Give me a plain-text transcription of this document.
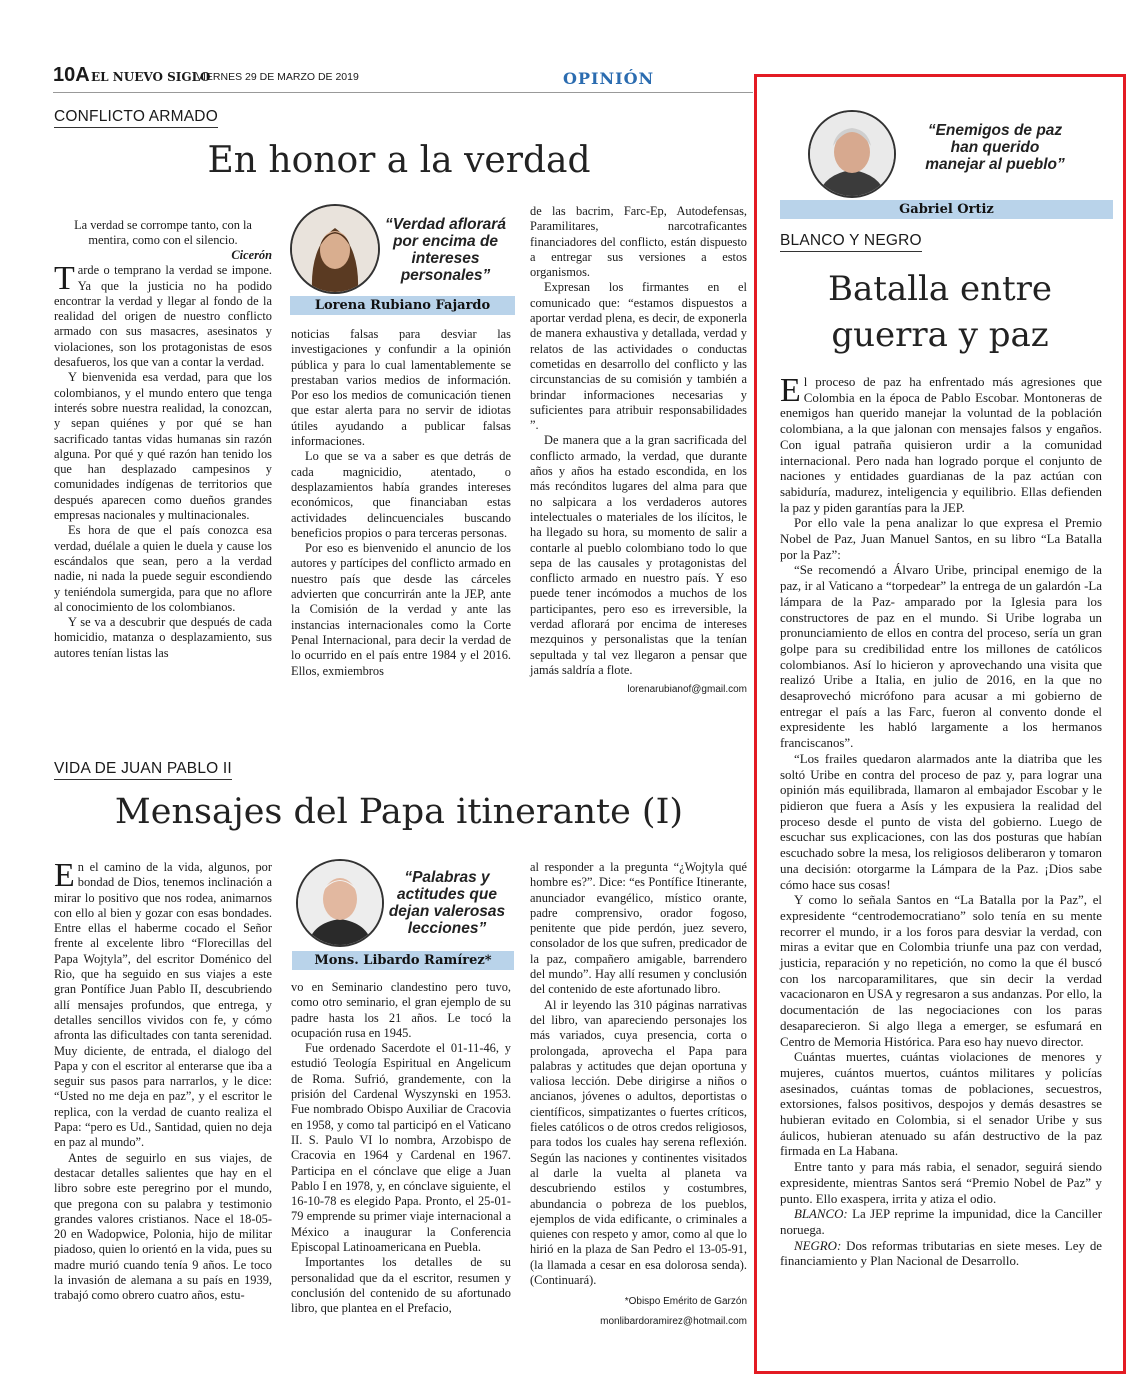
10A EL NUEVO SIGLO
VIERNES 29 DE MARZO DE 2019	OPINIÓN
CONFLICTO ARMADO
En honor a la verdad
La verdad se corrompe tanto, con la mentira, como con el silencio.
Cicerón

Tarde o temprano la verdad se impone. Ya que la justicia no ha podido encontrar la verdad y llegar al fondo de la realidad del origen de nuestro conflicto armado con sus masacres, asesinatos y violaciones, son los protagonistas de esos desafueros, los que van a contar la verdad.

Y bienvenida esa verdad, para que los colombianos, y el mundo entero que tenga interés sobre nuestra realidad, la conozcan, y sepan quiénes y por qué se han sacrificado tantas vidas humanas sin razón alguna. Por qué y qué razón han tenido los que han desplazado campesinos y comunidades indígenas de territorios que después aparecen como dueños grandes empresas nacionales y multinacionales.

Es hora de que el país conozca esa verdad, duélale a quien le duela y cause los escándalos que sean, pero a la verdad nadie, ni nada la puede seguir escondiendo y teniéndola sumergida, para que no aflore al conocimiento de los colombianos.

Y se va a descubrir que después de cada homicidio, matanza o desplazamiento, sus autores tenían listas las

“Verdad aflorará por encima de intereses personales”
Lorena Rubiano Fajardo

noticias falsas para desviar las investigaciones y confundir a la opinión pública y para lo cual lamentablemente se prestaban varios medios de información. Por eso los medios de comunicación tienen que estar alerta para no servir de idiotas útiles ayudando a publicar falsas informaciones.

Lo que se va a saber es que detrás de cada magnicidio, atentado, o desplazamientos había grandes intereses económicos, que financiaban estas actividades delincuenciales buscando beneficios propios o para terceras personas.

Por eso es bienvenido el anuncio de los autores y partícipes del conflicto armado en nuestro país que desde las cárceles advierten que concurrirán ante la JEP, ante la Comisión de la verdad y ante las instancias internacionales como la Corte Penal Internacional, para decir la verdad de lo ocurrido en el país entre 1984 y el 2016. Ellos, exmiembros

de las bacrim, Farc-Ep, Autodefensas, Paramilitares, narcotraficantes financiadores del conflicto, están dispuesto a entregar sus versiones a estos organismos.

Expresan los firmantes en el comunicado que: “estamos dispuestos a aportar verdad plena, es decir, de exponerla de manera exhaustiva y detallada, verdad y relatos de las actividades o conductas cometidas en desarrollo del conflicto y las circunstancias de su comisión y también a brindar informaciones necesarias y suficientes para atribuir responsabilidades ”.

De manera que a la gran sacrificada del conflicto armado, la verdad, que durante años y años ha estado escondida, en los más recónditos lugares del alma para que no salpicara a los verdaderos autores intelectuales o materiales de los ilícitos, le ha llegado su hora, su momento de salir a contarle al pueblo colombiano todo lo que sepa de las causales y protagonistas del conflicto armado en nuestro país. Y eso puede tener incómodos a muchos de los participantes, pero eso es irreversible, la verdad aflorará por encima de intereses mezquinos y personalistas que la tenían sepultada y tal vez llegaron a pensar que jamás saldría a flote.

lorenarubianof@gmail.com
VIDA DE JUAN PABLO II
Mensajes del Papa itinerante (I)

En el camino de la vida, algunos, por bondad de Dios, tenemos inclinación a mirar lo positivo que nos rodea, animarnos con ello al bien y gozar con esas bondades. Entre ellas el haberme cocado el Señor frente al excelente libro “Florecillas del Papa Wojtyla”, del escritor Doménico del Rio, que ha seguido en sus viajes a este gran Pontífice Juan Pablo II, descubriendo allí mensajes profundos, que entrega, y detalles sencillos vividos con fe, y cómo afronta las dificultades con tanta serenidad. Muy diciente, de entrada, el dialogo del Papa y con el escritor al enterarse que iba a seguir sus pasos para narrarlos, y le dice: “Usted no me deja en paz”, y el escritor le replica, con la verdad de cuanto realiza el Papa: “pero es Ud., Santidad, quien no deja en paz al mundo”.

Antes de seguirlo en sus viajes, de destacar detalles salientes que hay en el libro sobre este peregrino por el mundo, que pregona con su palabra y testimonio grandes valores cristianos. Nace el 18-05-20 en Wadopwice, Polonia, hijo de militar piadoso, quien lo orientó en la vida, pues su madre murió cuando tenía 9 años. Le toco la invasión de alemana a su país en 1939, trabajó como obrero cuatro años, estu-

“Palabras y actitudes que dejan valerosas lecciones”
Mons. Libardo Ramírez*

vo en Seminario clandestino pero tuvo, como otro seminario, el gran ejemplo de su padre hasta los 21 años. Le tocó la ocupación rusa en 1945.

Fue ordenado Sacerdote el 01-11-46, y estudió Teología Espiritual en Angelicum de Roma. Sufrió, grandemente, con la prisión del Cardenal Wyszynski en 1953. Fue nombrado Obispo Auxiliar de Cracovia en 1958, y como tal participó en el Vaticano II. S. Paulo VI lo nombra, Arzobispo de Cracovia en 1964 y Cardenal en 1967. Participa en el cónclave que elige a Juan Pablo I en 1978, y, en cónclave siguiente, el 16-10-78 es elegido Papa. Pronto, el 25-01-79 emprende su primer viaje internacional a México a inaugurar la Conferencia Episcopal Latinoamericana en Puebla.

Importantes los detalles de su personalidad que da el escritor, resumen y conclusión del contenido de su afortunado libro, que plantea en el Prefacio,

al responder a la pregunta “¿Wojtyla qué hombre es?”. Dice: “es Pontífice Itinerante, anunciador evangélico, místico orante, padre comprensivo, orador fogoso, penitente que pide perdón, juez severo, consolador de los que sufren, predicador de la paz, compañero amigable, barrendero del mundo”. Hay allí resumen y conclusión del contenido de este afortunado libro.

Al ir leyendo las 310 páginas narrativas del libro, van apareciendo personajes los más variados, cuya presencia, corta o prolongada, aprovecha el Papa para palabras y actitudes que dejan oportuna y valiosa lección. Debe dirigirse a niños o ancianos, jóvenes o adultos, deportistas o científicos, simpatizantes o fuertes críticos, fieles católicos o de otros credos religiosos, para todos los cuales hay serena reflexión. Según las naciones y continentes visitados al darle la vuelta al planeta va descubriendo estilos y costumbres, abundancia o pobreza de los pueblos, ejemplos de vida edificante, o criminales a quienes con respeto y amor, como al que lo hirió en la plaza de San Pedro el 13-05-91, (la llamada a cesar en esa dolorosa senda). (Continuará).

*Obispo Emérito de Garzón
monlibardoramirez@hotmail.com
“Enemigos de paz han querido manejar al pueblo”
Gabriel Ortiz
BLANCO Y NEGRO
Batalla entre guerra y paz

El proceso de paz ha enfrentado más agresiones que Colombia en la época de Pablo Escobar. Montoneras de enemigos han querido manejar la voluntad de la población colombiana, a la que jalonan con mensajes falsos y engaños. Con igual patraña quisieron urdir a la comunidad internacional. Pero nada han logrado porque el conjunto de naciones y entidades guardianas de la paz actúan con sabiduría, madurez, inteligencia y equilibrio. Ellas defienden la paz y piden garantías para la JEP.

Por ello vale la pena analizar lo que expresa el Premio Nobel de Paz, Juan Manuel Santos, en su libro “La Batalla por la Paz”:

“Se recomendó a Álvaro Uribe, principal enemigo de la paz, ir al Vaticano a “torpedear” la entrega de un galardón -La lámpara de la Paz- amparado por la Iglesia para los constructores de paz en el mundo. Si Uribe lograba un pronunciamiento de ellos en contra del proceso, sería un gran golpe para su credibilidad entre los millones de católicos colombianos. Así lo hicieron y aprovechando una visita que realizó Uribe a Italia, en julio de 2016, en la que no desaprovechó micrófono para acusar a mi gobierno de entregar el país a las Farc, fueron al convento donde el expresidente les habló largamente a los hermanos franciscanos”.

“Los frailes quedaron alarmados ante la diatriba que les soltó Uribe en contra del proceso de paz y, para lograr una opinión más equilibrada, llamaron al embajador Escobar y le pidieron que fuera a Asís y les expusiera la realidad del proceso desde el punto de vista del gobierno. Luego de escuchar sus explicaciones, con las dos posturas que habían escuchado sobre la mesa, los religiosos deliberaron y tomaron una decisión: otorgarme la Lámpara de la Paz. ¡Dios sabe cómo hace sus cosas!

Y como lo señala Santos en “La Batalla por la Paz”, el expresidente “centrodemocratiano” solo tenía en su mente recorrer el mundo, ir a los foros para desviar la verdad, con miras a evitar que en Colombia triunfe una paz con verdad, justicia, reparación y no repetición, no como la que él buscó con los narcoparamilitares, que sin decir la verdad vacacionaron en USA y regresaron a sus andanzas. Por ello, la documentación de las negociaciones con los paras desaparecieron. Si algo llega a emerger, se esfumará en Centro de Memoria Histórica. Para eso hay nuevo director.

Cuántas muertes, cuántas violaciones de menores y mujeres, cuántos muertos, cuántos militares y policías asesinados, cuántas tomas de poblaciones, secuestros, extorsiones, falsos positivos, despojos y demás desastres se hubieran evitado en Colombia, si el senador Uribe y sus áulicos, hubieran atenuado su afán destructivo de la paz firmada en La Habana.

Entre tanto y para más rabia, el senador, seguirá siendo expresidente, mientras Santos será “Premio Nobel de Paz” y punto. Ello exaspera, irrita y atiza el odio.

BLANCO: La JEP reprime la impunidad, dice la Canciller noruega.

NEGRO: Dos reformas tributarias en siete meses. Ley de financiamiento y Plan Nacional de Desarrollo.
